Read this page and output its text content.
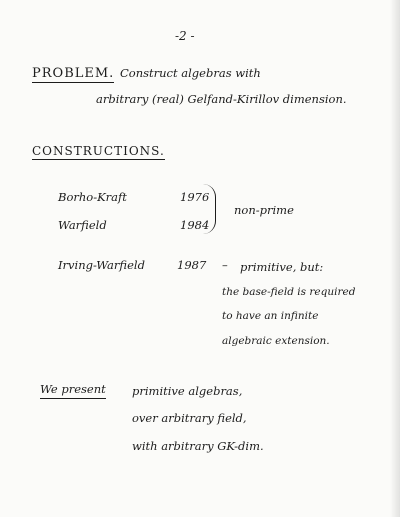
-2 -
PROBLEM. Construct algebras with
arbitrary (real) Gelfand-Kirillov dimension.
CONSTRUCTIONS.
Borho-Kraft	1976
Warfield	1984
non-prime
Irving-Warfield	1987 – primitive, but:
the base-field is required
to have an infinite
algebraic extension.
We present primitive algebras,
over arbitrary field,
with arbitrary GK-dim.
